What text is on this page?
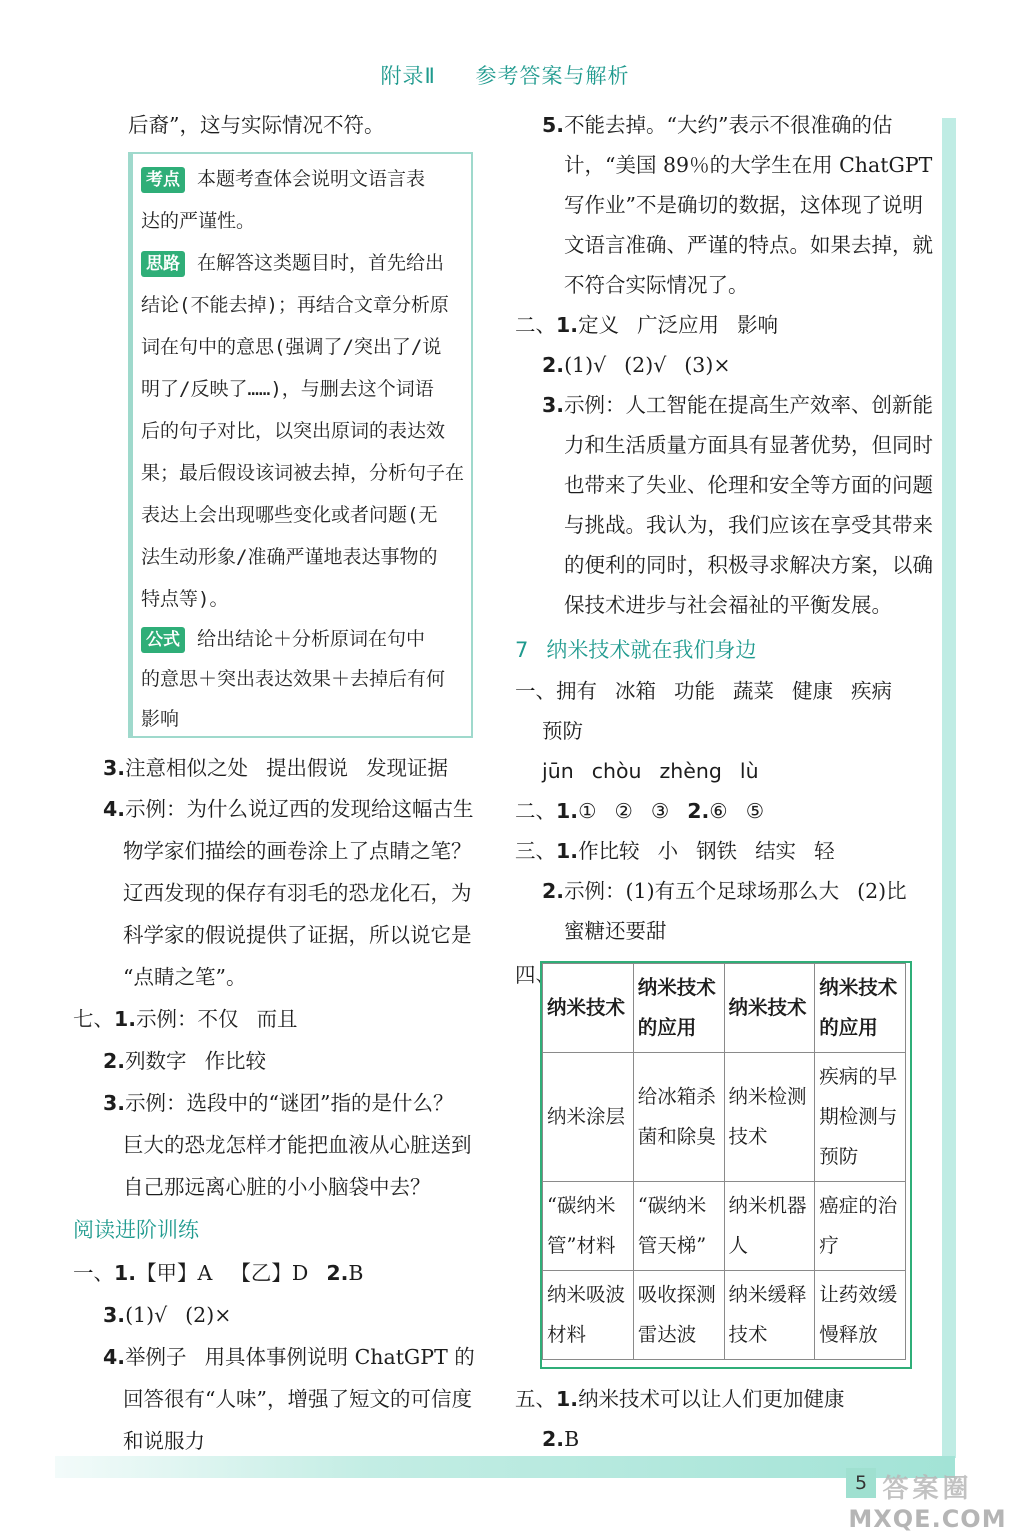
附录Ⅱ 参考答案与解析
5 答案圈
MXQE.COM
后裔”，这与实际情况不符。
考点 本题考查体会说明文语言表
达的严谨性。
思路 在解答这类题目时，首先给出
结论(不能去掉)；再结合文章分析原
词在句中的意思(强调了/突出了/说
明了/反映了……)，与删去这个词语
后的句子对比，以突出原词的表达效
果；最后假设该词被去掉，分析句子在
表达上会出现哪些变化或者问题(无
法生动形象/准确严谨地表达事物的
特点等)。
公式 给出结论＋分析原词在句中
的意思＋突出表达效果＋去掉后有何
影响
3.注意相似之处 提出假说 发现证据
4.示例：为什么说辽西的发现给这幅古生
物学家们描绘的画卷涂上了点睛之笔？
辽西发现的保存有羽毛的恐龙化石，为
科学家的假说提供了证据，所以说它是
“点睛之笔”。
七、1.示例：不仅 而且
2.列数字 作比较
3.示例：选段中的“谜团”指的是什么？
巨大的恐龙怎样才能把血液从心脏送到
自己那远离心脏的小小脑袋中去？
阅读进阶训练
一、1.【甲】A 【乙】D 2.B
3.(1)√ (2)×
4.举例子 用具体事例说明 ChatGPT 的
回答很有“人味”，增强了短文的可信度
和说服力
5.不能去掉。“大约”表示不很准确的估
计，“美国 89％的大学生在用 ChatGPT
写作业”不是确切的数据，这体现了说明
文语言准确、严谨的特点。如果去掉，就
不符合实际情况了。
二、1.定义 广泛应用 影响
2.(1)√ (2)√ (3)×
3.示例：人工智能在提高生产效率、创新能
力和生活质量方面具有显著优势，但同时
也带来了失业、伦理和安全等方面的问题
与挑战。我认为，我们应该在享受其带来
的便利的同时，积极寻求解决方案，以确
保技术进步与社会福祉的平衡发展。
7 纳米技术就在我们身边
一、拥有 冰箱 功能 蔬菜 健康 疾病
预防
jūn chòu zhèng lù
二、1.① ② ③ 2.⑥ ⑤
三、1.作比较 小 钢铁 结实 轻
2.示例：(1)有五个足球场那么大 (2)比
蜜糖还要甜
四、
纳米技术	纳米技术的应用	纳米技术	纳米技术的应用
纳米涂层	给冰箱杀菌和除臭	纳米检测技术	疾病的早期检测与预防
“碳纳米管”材料	“碳纳米管天梯”	纳米机器人	癌症的治疗
纳米吸波材料	吸收探测雷达波	纳米缓释技术	让药效缓慢释放
五、1.纳米技术可以让人们更加健康
2.B
